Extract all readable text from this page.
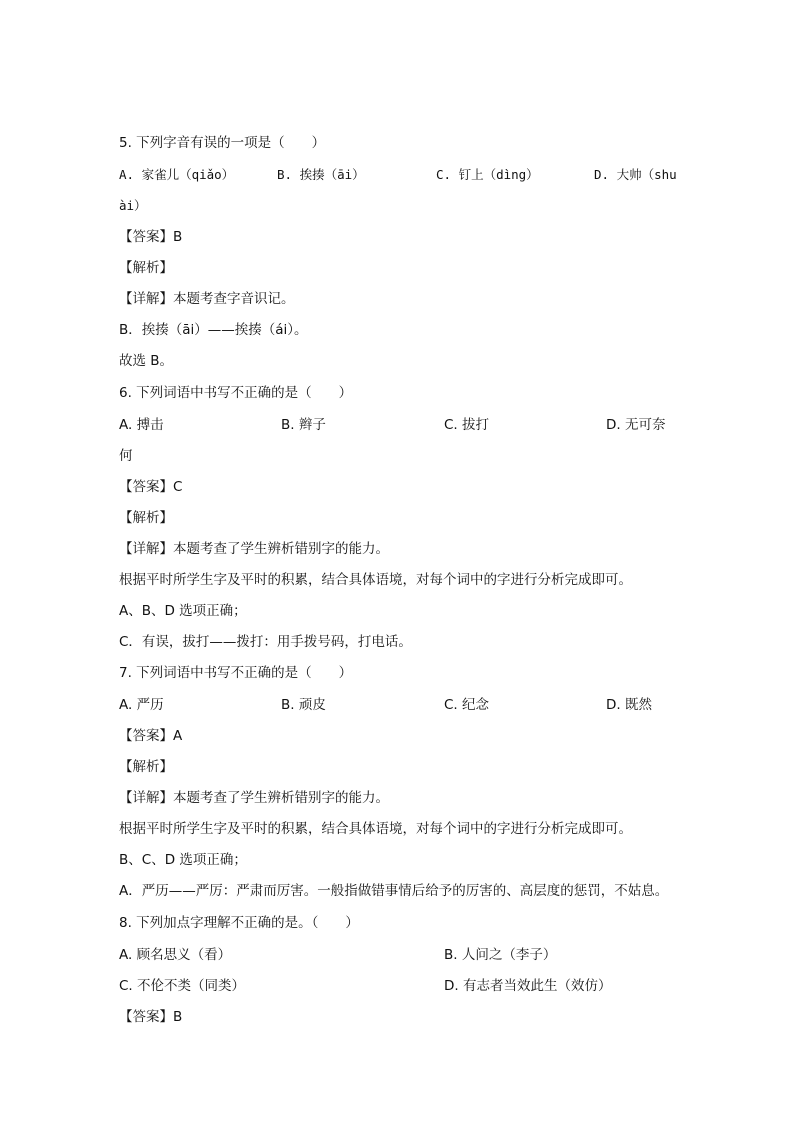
5. 下列字音有误的一项是（　　）
A. 家雀儿（qiǎo）	B. 挨揍（āi）	C. 钉上（dìng）	D. 大帅（shu
ài）
【答案】B
【解析】
【详解】本题考查字音识记。
B．挨揍（āi）——挨揍（ái）。
故选 B。
6. 下列词语中书写不正确的是（　　）
A. 搏击	B. 辫子	C. 拔打	D. 无可奈
何
【答案】C
【解析】
【详解】本题考查了学生辨析错别字的能力。
根据平时所学生字及平时的积累，结合具体语境，对每个词中的字进行分析完成即可。
A、B、D 选项正确；
C．有误，拔打——拨打：用手拨号码，打电话。
7. 下列词语中书写不正确的是（　　）
A. 严历	B. 顽皮	C. 纪念	D. 既然
【答案】A
【解析】
【详解】本题考查了学生辨析错别字的能力。
根据平时所学生字及平时的积累，结合具体语境，对每个词中的字进行分析完成即可。
B、C、D 选项正确；
A．严历——严厉：严肃而厉害。一般指做错事情后给予的厉害的、高层度的惩罚，不姑息。
8. 下列加点字理解不正确的是。（　　）
A. 顾名思义（看）	B. 人问之（李子）
C. 不伦不类（同类）	D. 有志者当效此生（效仿）
【答案】B
